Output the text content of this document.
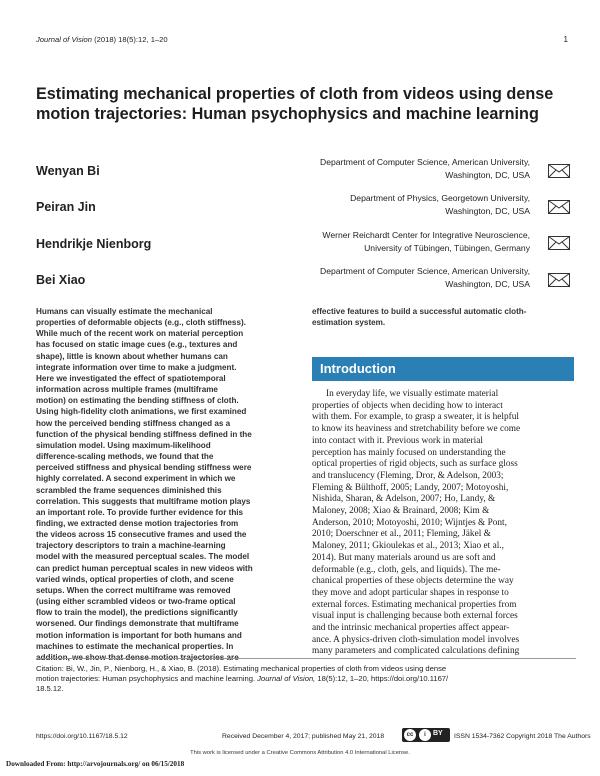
Journal of Vision (2018) 18(5):12, 1–20	1
Estimating mechanical properties of cloth from videos using dense motion trajectories: Human psychophysics and machine learning
Wenyan Bi
Department of Computer Science, American University,
Washington, DC, USA
Peiran Jin
Department of Physics, Georgetown University,
Washington, DC, USA
Hendrikje Nienborg
Werner Reichardt Center for Integrative Neuroscience,
University of Tübingen, Tübingen, Germany
Bei Xiao
Department of Computer Science, American University,
Washington, DC, USA
Humans can visually estimate the mechanical
properties of deformable objects (e.g., cloth stiffness).
While much of the recent work on material perception
has focused on static image cues (e.g., textures and
shape), little is known about whether humans can
integrate information over time to make a judgment.
Here we investigated the effect of spatiotemporal
information across multiple frames (multiframe
motion) on estimating the bending stiffness of cloth.
Using high-fidelity cloth animations, we first examined
how the perceived bending stiffness changed as a
function of the physical bending stiffness defined in the
simulation model. Using maximum-likelihood
difference-scaling methods, we found that the
perceived stiffness and physical bending stiffness were
highly correlated. A second experiment in which we
scrambled the frame sequences diminished this
correlation. This suggests that multiframe motion plays
an important role. To provide further evidence for this
finding, we extracted dense motion trajectories from
the videos across 15 consecutive frames and used the
trajectory descriptors to train a machine-learning
model with the measured perceptual scales. The model
can predict human perceptual scales in new videos with
varied winds, optical properties of cloth, and scene
setups. When the correct multiframe was removed
(using either scrambled videos or two-frame optical
flow to train the model), the predictions significantly
worsened. Our findings demonstrate that multiframe
motion information is important for both humans and
machines to estimate the mechanical properties. In
addition, we show that dense motion trajectories are
effective features to build a successful automatic cloth-
estimation system.
Introduction
In everyday life, we visually estimate material
properties of objects when deciding how to interact
with them. For example, to grasp a sweater, it is helpful
to know its heaviness and stretchability before we come
into contact with it. Previous work in material
perception has mainly focused on understanding the
optical properties of rigid objects, such as surface gloss
and translucency (Fleming, Dror, & Adelson, 2003;
Fleming & Bülthoff, 2005; Landy, 2007; Motoyoshi,
Nishida, Sharan, & Adelson, 2007; Ho, Landy, &
Maloney, 2008; Xiao & Brainard, 2008; Kim &
Anderson, 2010; Motoyoshi, 2010; Wijntjes & Pont,
2010; Doerschner et al., 2011; Fleming, Jäkel &
Maloney, 2011; Gkioulekas et al., 2013; Xiao et al.,
2014). But many materials around us are soft and
deformable (e.g., cloth, gels, and liquids). The me-
chanical properties of these objects determine the way
they move and adopt particular shapes in response to
external forces. Estimating mechanical properties from
visual input is challenging because both external forces
and the intrinsic mechanical properties affect appear-
ance. A physics-driven cloth-simulation model involves
many parameters and complicated calculations defining
Citation: Bi, W., Jin, P., Nienborg, H., & Xiao, B. (2018). Estimating mechanical properties of cloth from videos using dense
motion trajectories: Human psychophysics and machine learning. Journal of Vision, 18(5):12, 1–20, https://doi.org/10.1167/
18.5.12.
https://doi.org/10.1167/18.5.12	Received December 4, 2017; published May 21, 2018	cc	i	BY ISSN 1534-7362 Copyright 2018 The Authors
This work is licensed under a Creative Commons Attribution 4.0 International License.
Downloaded From: http://arvojournals.org/ on 06/15/2018
